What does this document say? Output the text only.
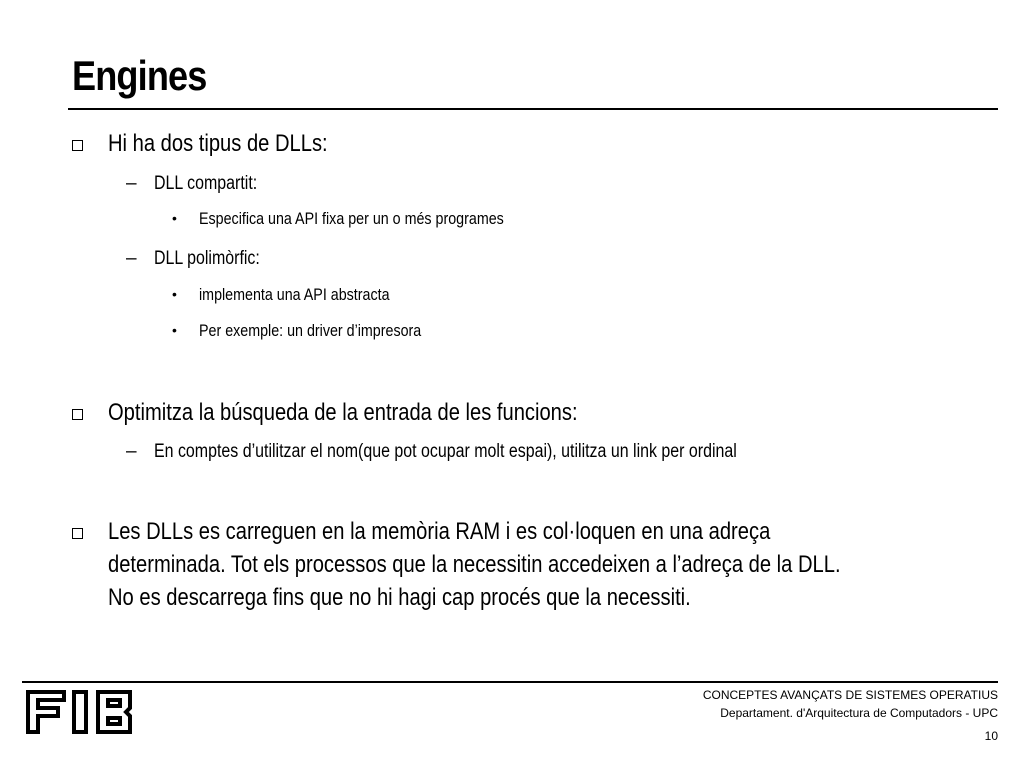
Engines
Hi ha dos tipus de DLLs:
– DLL compartit:
• Especifica una API fixa per un o més programes
– DLL polimòrfic:
• implementa una API abstracta
• Per exemple: un driver d’impresora
Optimitza la búsqueda de la entrada de les funcions:
– En comptes d’utilitzar el nom(que pot ocupar molt espai), utilitza un link per ordinal
Les DLLs es carreguen en la memòria RAM i es col·loquen en una adreça
determinada. Tot els processos que la necessitin accedeixen a l’adreça de la DLL.
No es descarrega fins que no hi hagi cap procés que la necessiti.
CONCEPTES AVANÇATS DE SISTEMES OPERATIUS
Departament. d'Arquitectura de Computadors - UPC
10
